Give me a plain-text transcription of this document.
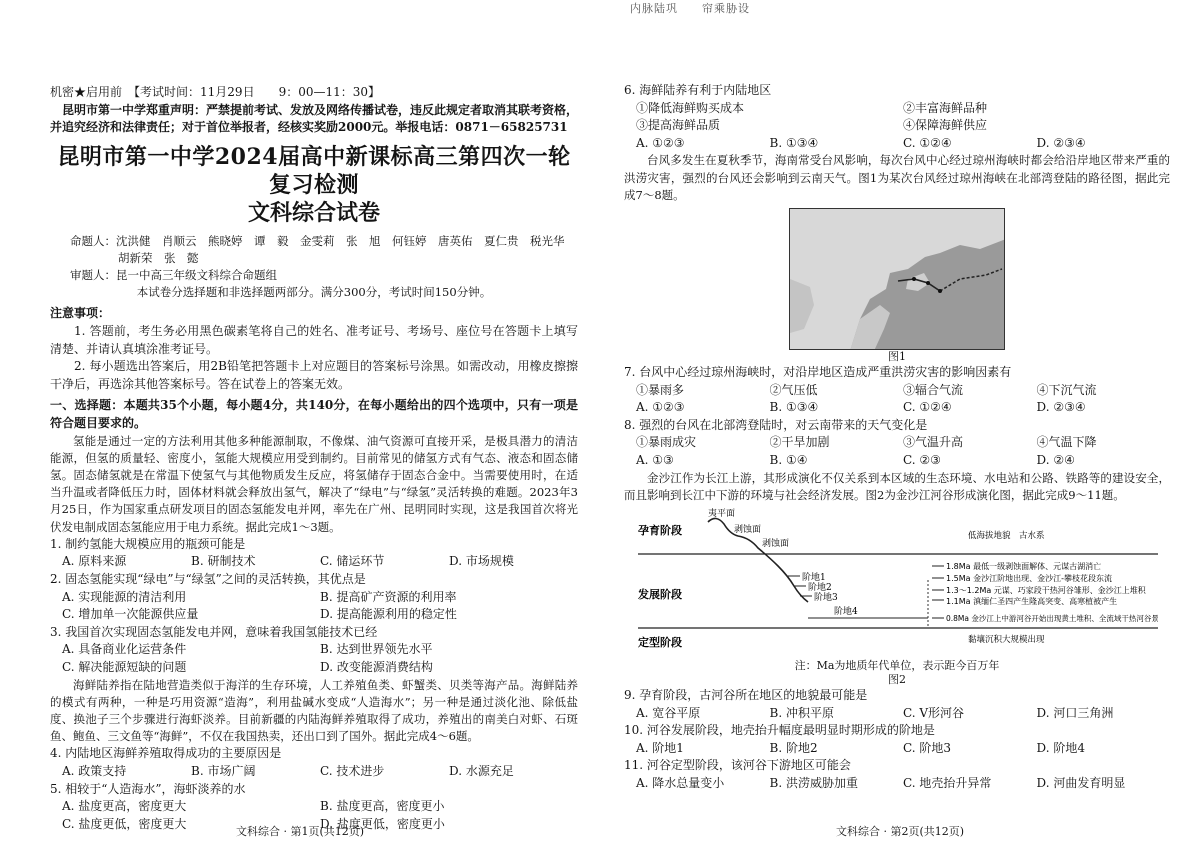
机密★启用前　 【考试时间：11月29日　　9：00—11：30】
昆明市第一中学郑重声明：严禁提前考试、发放及网络传播试卷，违反此规定者取消其联考资格，
并追究经济和法律责任；对于首位举报者，经核实奖励2000元。举报电话：0871－65825731
昆明市第一中学2024届高中新课标高三第四次一轮复习检测
文科综合试卷
命题人：沈洪健　肖顺云　熊晓婷　谭　毅　金雯莉　张　旭　何钰婷　唐英佑　夏仁贵　税光华
胡新荣　张　懿
审题人：昆一中高三年级文科综合命题组
本试卷分选择题和非选择题两部分。满分300分，考试时间150分钟。
注意事项：
1. 答题前，考生务必用黑色碳素笔将自己的姓名、准考证号、考场号、座位号在答题卡上填写清楚、并请认真填涂准考证号。
2. 每小题选出答案后，用2B铅笔把答题卡上对应题目的答案标号涂黑。如需改动，用橡皮擦擦干净后，再选涂其他答案标号。答在试卷上的答案无效。
一、选择题：本题共35个小题，每小题4分，共140分，在每小题给出的四个选项中，只有一项是符合题目要求的。
氢能是通过一定的方法利用其他多种能源制取，不像煤、油气资源可直接开采，是极具潜力的清洁能源，但氢的质量轻、密度小，氢能大规模应用受到制约。目前常见的储氢方式有气态、液态和固态储氢。固态储氢就是在常温下使氢气与其他物质发生反应，将氢储存于固态合金中。当需要使用时，在适当升温或者降低压力时，固体材料就会释放出氢气，解决了“绿电”与“绿氢”灵活转换的难题。2023年3月25日，作为国家重点研发项目的固态氢能发电并网，率先在广州、昆明同时实现，这是我国首次将光伏发电制成固态氢能应用于电力系统。据此完成1～3题。
1. 制约氢能大规模应用的瓶颈可能是
A. 原料来源	B. 研制技术	C. 储运环节	D. 市场规模
2. 固态氢能实现“绿电”与“绿氢”之间的灵活转换，其优点是
A. 实现能源的清洁利用	B. 提高矿产资源的利用率
C. 增加单一次能源供应量	D. 提高能源利用的稳定性
3. 我国首次实现固态氢能发电并网，意味着我国氢能技术已经
A. 具备商业化运营条件	B. 达到世界领先水平
C. 解决能源短缺的问题	D. 改变能源消费结构
海鲜陆养指在陆地营造类似于海洋的生存环境，人工养殖鱼类、虾蟹类、贝类等海产品。海鲜陆养的模式有两种，一种是巧用资源“造海”，利用盐碱水变成“人造海水”；另一种是通过淡化池、除低盐度、换池子三个步骤进行海虾淡养。目前新疆的内陆海鲜养殖取得了成功，养殖出的南美白对虾、石斑鱼、鲍鱼、三文鱼等“海鲜”，不仅在我国热卖，还出口到了国外。据此完成4～6题。
4. 内陆地区海鲜养殖取得成功的主要原因是
A. 政策支持	B. 市场广阔	C. 技术进步	D. 水源充足
5. 相较于“人造海水”，海虾淡养的水
A. 盐度更高，密度更大	B. 盐度更高，密度更小
C. 盐度更低，密度更大	D. 盐度更低，密度更小
文科综合 · 第1页(共12页)
内脉陆巩　　帘乘胁设
6. 海鲜陆养有利于内陆地区
①降低海鲜购买成本	②丰富海鲜品种
③提高海鲜品质	④保障海鲜供应
A. ①②③	B. ①③④	C. ①②④	D. ②③④
台风多发生在夏秋季节，海南常受台风影响，每次台风中心经过琼州海峡时都会给沿岸地区带来严重的洪涝灾害，强烈的台风还会影响到云南天气。图1为某次台风经过琼州海峡在北部湾登陆的路径图，据此完成7～8题。
图1
7. 台风中心经过琼州海峡时，对沿岸地区造成严重洪涝灾害的影响因素有
①暴雨多	②气压低	③辐合气流	④下沉气流
A. ①②③	B. ①③④	C. ①②④	D. ②③④
8. 强烈的台风在北部湾登陆时，对云南带来的天气变化是
①暴雨成灾	②干旱加剧	③气温升高	④气温下降
A. ①③	B. ①④	C. ②③	D. ②④
金沙江作为长江上游，其形成演化不仅关系到本区域的生态环境、水电站和公路、铁路等的建设安全，而且影响到长江中下游的环境与社会经济发展。图2为金沙江河谷形成演化图，据此完成9～11题。
孕育阶段
发展阶段
定型阶段
夷平面
剥蚀面
剥蚀面
阶地1
阶地2
阶地3
阶地4
低海拔地貌　古水系
1.8Ma 最低一级剥蚀面解体、元谋古湖消亡
1.5Ma 金沙江阶地出现、金沙江-攀枝花段东流
1.3～1.2Ma 元谋、巧家段干热河谷雏形、金沙江上堆积
1.1Ma 滇缅仁圣四产生隆高突变、高寒植被产生
0.8Ma 金沙江上中游河谷开始出现黄土堆积、全流域干热河谷景观形成
黏壤沉积大规模出现
注：Ma为地质年代单位，表示距今百万年
图2
9. 孕育阶段，古河谷所在地区的地貌最可能是
A. 宽谷平原	B. 冲积平原	C. V形河谷	D. 河口三角洲
10. 河谷发展阶段，地壳抬升幅度最明显时期形成的阶地是
A. 阶地1	B. 阶地2	C. 阶地3	D. 阶地4
11. 河谷定型阶段，该河谷下游地区可能会
A. 降水总量变小	B. 洪涝威胁加重	C. 地壳抬升异常	D. 河曲发育明显
文科综合 · 第2页(共12页)
